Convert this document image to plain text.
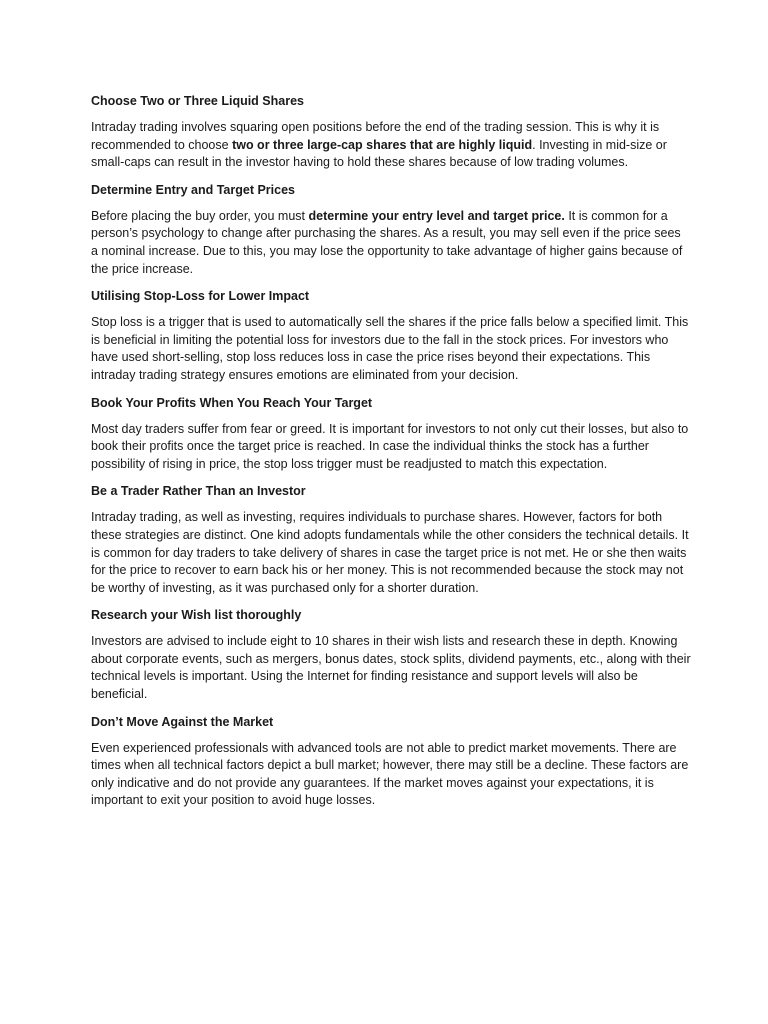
Choose Two or Three Liquid Shares

Intraday trading involves squaring open positions before the end of the trading session. This is why it is recommended to choose two or three large-cap shares that are highly liquid. Investing in mid-size or small-caps can result in the investor having to hold these shares because of low trading volumes.

Determine Entry and Target Prices

Before placing the buy order, you must determine your entry level and target price. It is common for a person’s psychology to change after purchasing the shares. As a result, you may sell even if the price sees a nominal increase. Due to this, you may lose the opportunity to take advantage of higher gains because of the price increase.

Utilising Stop-Loss for Lower Impact

Stop loss is a trigger that is used to automatically sell the shares if the price falls below a specified limit. This is beneficial in limiting the potential loss for investors due to the fall in the stock prices. For investors who have used short-selling, stop loss reduces loss in case the price rises beyond their expectations. This intraday trading strategy ensures emotions are eliminated from your decision.

Book Your Profits When You Reach Your Target

Most day traders suffer from fear or greed. It is important for investors to not only cut their losses, but also to book their profits once the target price is reached. In case the individual thinks the stock has a further possibility of rising in price, the stop loss trigger must be readjusted to match this expectation.

Be a Trader Rather Than an Investor

Intraday trading, as well as investing, requires individuals to purchase shares. However, factors for both these strategies are distinct. One kind adopts fundamentals while the other considers the technical details. It is common for day traders to take delivery of shares in case the target price is not met. He or she then waits for the price to recover to earn back his or her money. This is not recommended because the stock may not be worthy of investing, as it was purchased only for a shorter duration.

Research your Wish list thoroughly

Investors are advised to include eight to 10 shares in their wish lists and research these in depth. Knowing about corporate events, such as mergers, bonus dates, stock splits, dividend payments, etc., along with their technical levels is important. Using the Internet for finding resistance and support levels will also be beneficial.

Don’t Move Against the Market

Even experienced professionals with advanced tools are not able to predict market movements. There are times when all technical factors depict a bull market; however, there may still be a decline. These factors are only indicative and do not provide any guarantees. If the market moves against your expectations, it is important to exit your position to avoid huge losses.
